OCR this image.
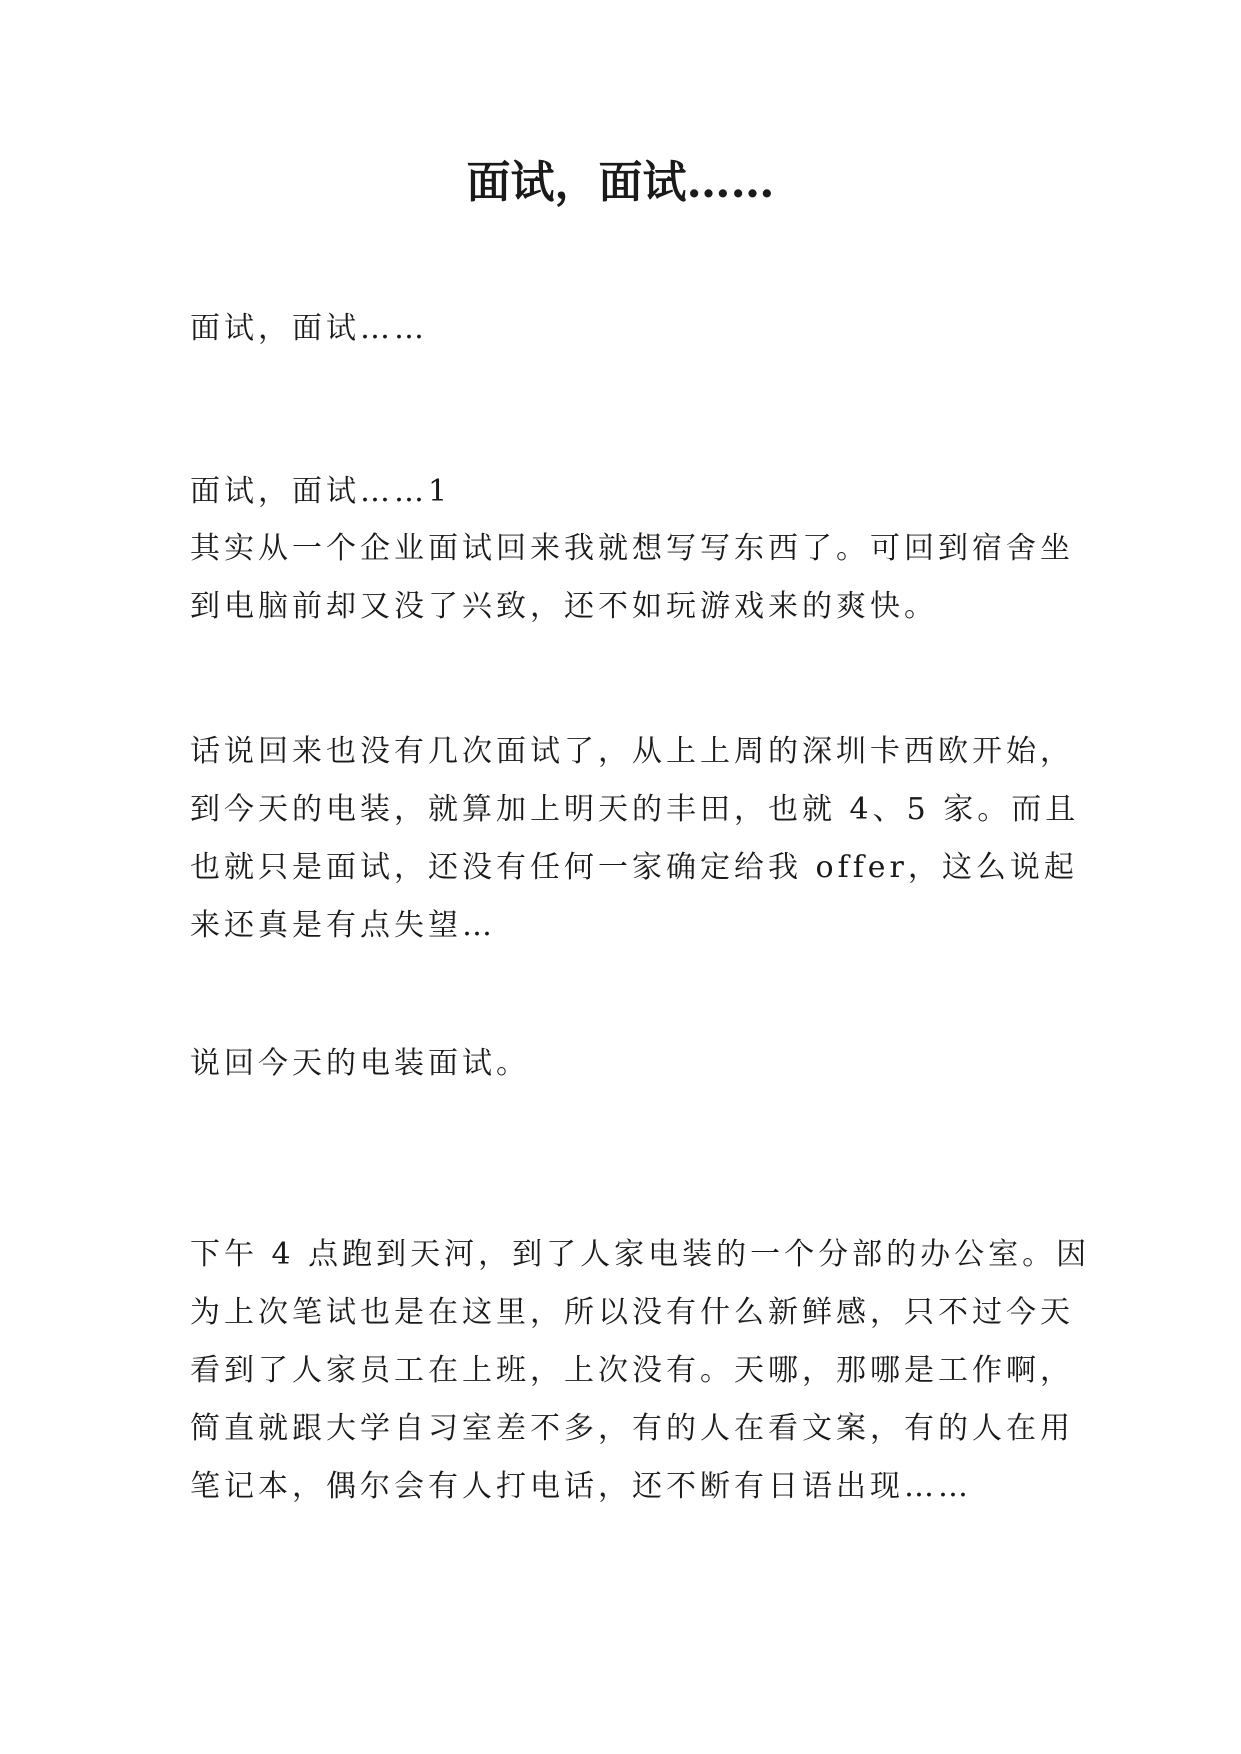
面试，面试……

面试，面试……

面试，面试……1

其实从一个企业面试回来我就想写写东西了。可回到宿舍坐
到电脑前却又没了兴致，还不如玩游戏来的爽快。
话说回来也没有几次面试了，从上上周的深圳卡西欧开始，
到今天的电装，就算加上明天的丰田，也就 4、5 家。而且
也就只是面试，还没有任何一家确定给我 offer，这么说起
来还真是有点失望…
说回今天的电装面试。
下午 4 点跑到天河，到了人家电装的一个分部的办公室。因
为上次笔试也是在这里，所以没有什么新鲜感，只不过今天
看到了人家员工在上班，上次没有。天哪，那哪是工作啊，
简直就跟大学自习室差不多，有的人在看文案，有的人在用
笔记本，偶尔会有人打电话，还不断有日语出现……
